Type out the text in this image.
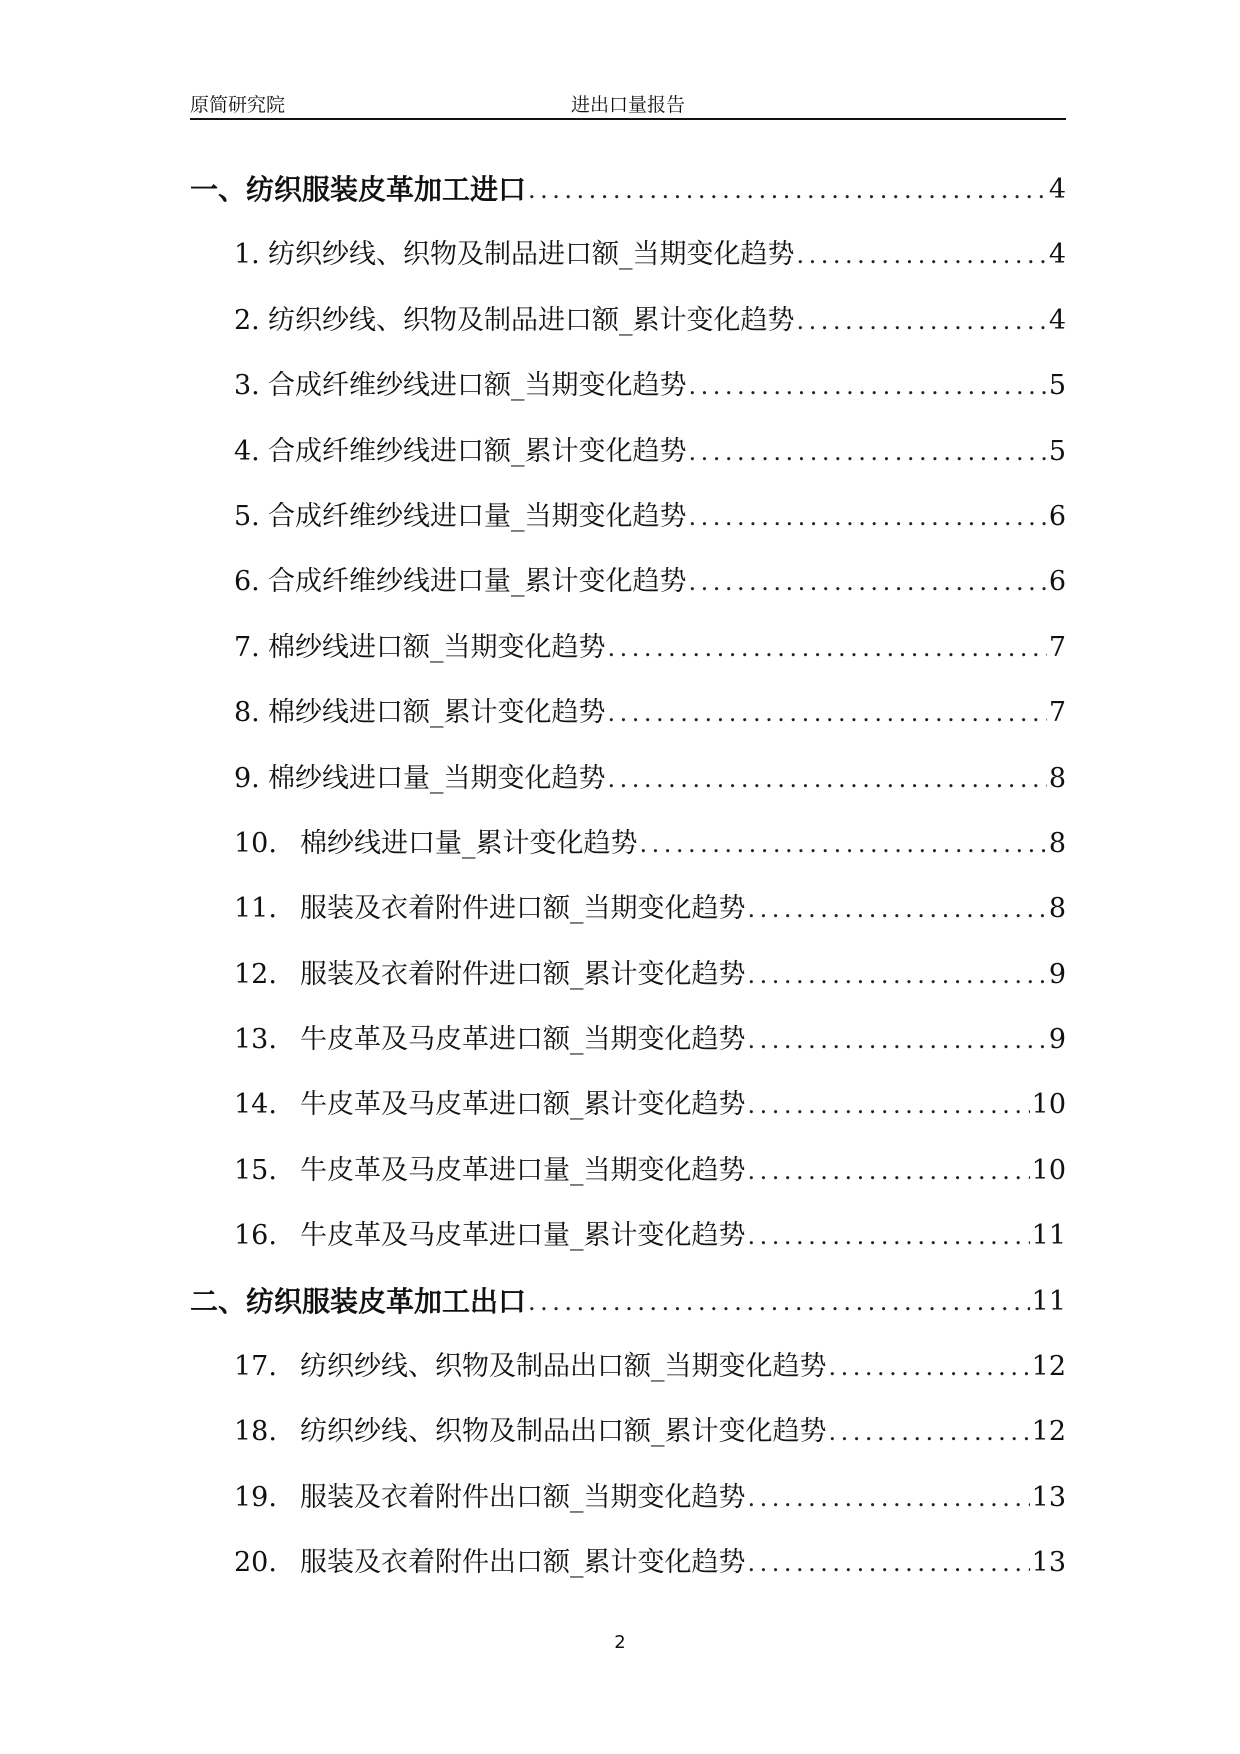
原简研究院	进出口量报告
一、 纺织服装皮革加工进口 .....	4
1. 纺织纱线、织物及制品进口额_当期变化趋势 .....	4
2. 纺织纱线、织物及制品进口额_累计变化趋势 .....	4
3. 合成纤维纱线进口额_当期变化趋势 .....	5
4. 合成纤维纱线进口额_累计变化趋势 .....	5
5. 合成纤维纱线进口量_当期变化趋势 .....	6
6. 合成纤维纱线进口量_累计变化趋势 .....	6
7. 棉纱线进口额_当期变化趋势 .....	7
8. 棉纱线进口额_累计变化趋势 .....	7
9. 棉纱线进口量_当期变化趋势 .....	8
10. 棉纱线进口量_累计变化趋势 .....	8
11. 服装及衣着附件进口额_当期变化趋势 .....	8
12. 服装及衣着附件进口额_累计变化趋势 .....	9
13. 牛皮革及马皮革进口额_当期变化趋势 .....	9
14. 牛皮革及马皮革进口额_累计变化趋势 .....	10
15. 牛皮革及马皮革进口量_当期变化趋势 .....	10
16. 牛皮革及马皮革进口量_累计变化趋势 .....	11
二、 纺织服装皮革加工出口 .....	11
17. 纺织纱线、织物及制品出口额_当期变化趋势 .....	12
18. 纺织纱线、织物及制品出口额_累计变化趋势 .....	12
19. 服装及衣着附件出口额_当期变化趋势 .....	13
20. 服装及衣着附件出口额_累计变化趋势 .....	13
2
